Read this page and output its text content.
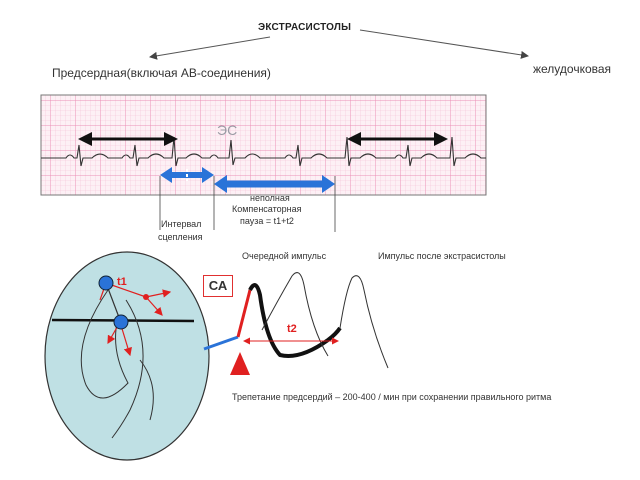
ЭКСТРАСИСТОЛЫ
Предсердная(включая АВ-соединения)	желудочковая
ЭС
неполная
Компенсаторная
пауза = t1+t2
Интервал
сцепления
Очередной импульс	Импульс после экстрасистолы
t1
t2
СА
Трепетание предсердий – 200-400 / мин при сохранении правильного ритма
